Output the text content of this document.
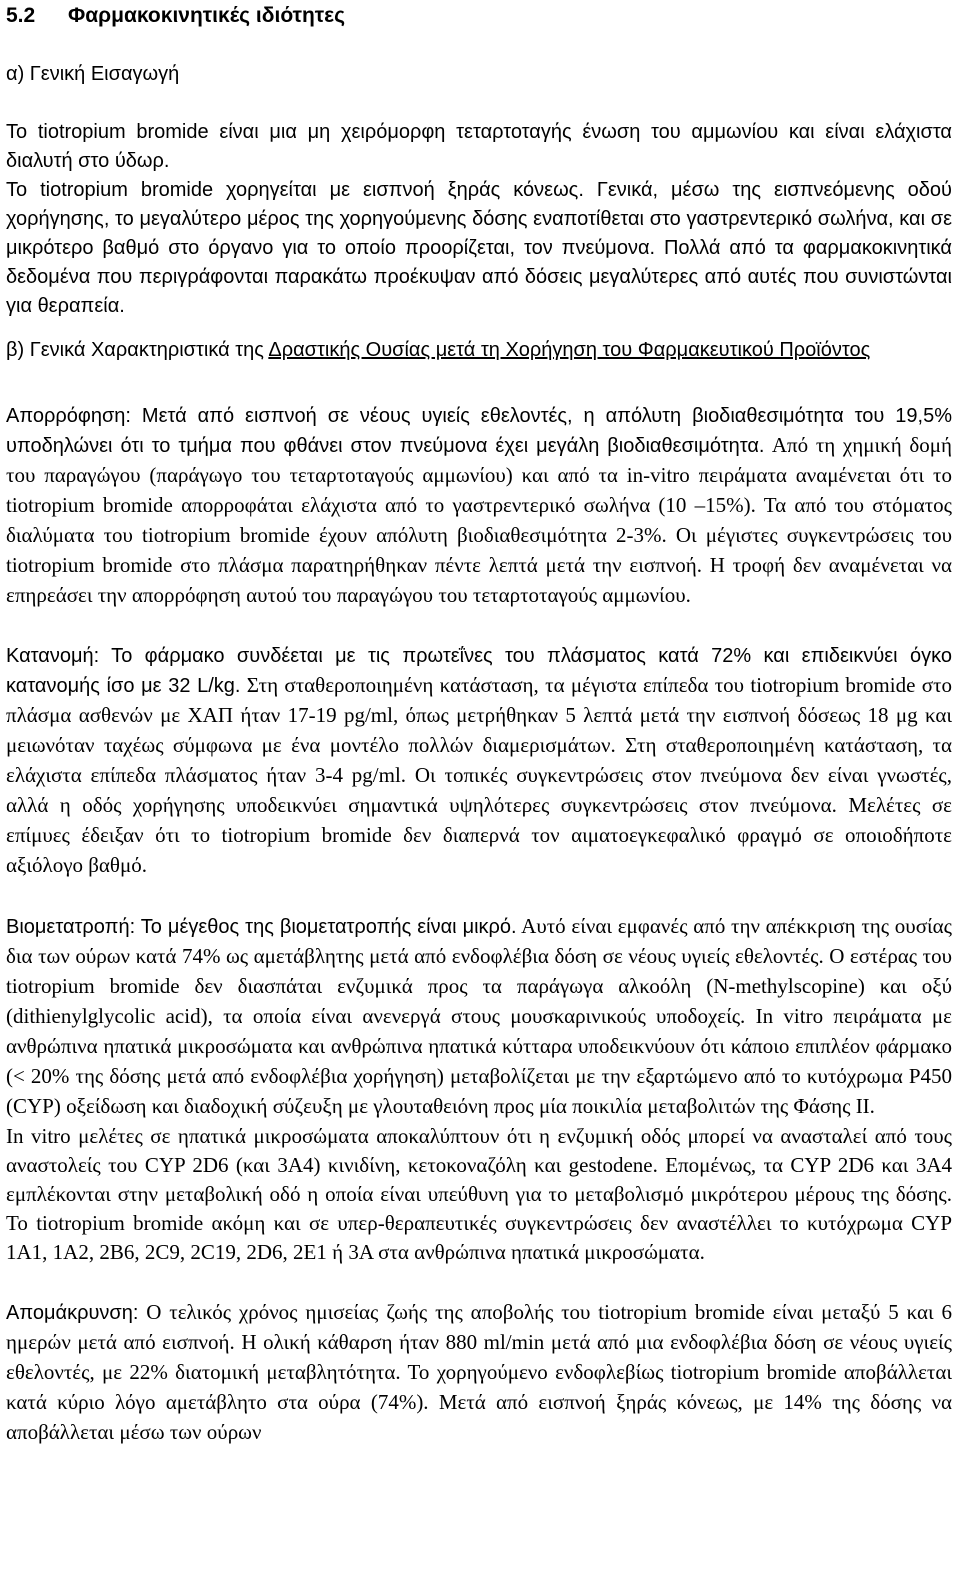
5.2	Φαρμακοκινητικές ιδιότητες
α) Γενική Εισαγωγή

Το tiotropium bromide είναι μια μη χειρόμορφη τεταρτοταγής ένωση του αμμωνίου και είναι ελάχιστα διαλυτή στο ύδωρ.

Το tiotropium bromide χορηγείται με εισπνοή ξηράς κόνεως. Γενικά, μέσω της εισπνεόμενης οδού χορήγησης, το μεγαλύτερο μέρος της χορηγούμενης δόσης εναποτίθεται στο γαστρεντερικό σωλήνα, και σε μικρότερο βαθμό στο όργανο για το οποίο προορίζεται, τον πνεύμονα. Πολλά από τα φαρμακοκινητικά δεδομένα που περιγράφονται παρακάτω προέκυψαν από δόσεις μεγαλύτερες από αυτές που συνιστώνται για θεραπεία.

β) Γενικά Χαρακτηριστικά της Δραστικής Ουσίας μετά τη Χορήγηση του Φαρμακευτικού Προϊόντος

Απορρόφηση: Μετά από εισπνοή σε νέους υγιείς εθελοντές, η απόλυτη βιοδιαθεσιμότητα του 19,5% υποδηλώνει ότι το τμήμα που φθάνει στον πνεύμονα έχει μεγάλη βιοδιαθεσιμότητα. Από τη χημική δομή του παραγώγου (παράγωγο του τεταρτοταγούς αμμωνίου) και από τα in-vitro πειράματα αναμένεται ότι το tiotropium bromide απορροφάται ελάχιστα από το γαστρεντερικό σωλήνα (10 –15%). Τα από του στόματος διαλύματα του tiotropium bromide έχουν απόλυτη βιοδιαθεσιμότητα 2-3%. Οι μέγιστες συγκεντρώσεις του tiotropium bromide στο πλάσμα παρατηρήθηκαν πέντε λεπτά μετά την εισπνοή. Η τροφή δεν αναμένεται να επηρεάσει την απορρόφηση αυτού του παραγώγου του τεταρτοταγούς αμμωνίου.

Κατανομή: Το φάρμακο συνδέεται με τις πρωτεΐνες του πλάσματος κατά 72% και επιδεικνύει όγκο κατανομής ίσο με 32 L/kg. Στη σταθεροποιημένη κατάσταση, τα μέγιστα επίπεδα του tiotropium bromide στο πλάσμα ασθενών με ΧΑΠ ήταν 17-19 pg/ml, όπως μετρήθηκαν 5 λεπτά μετά την εισπνοή δόσεως 18 μg και μειωνόταν ταχέως σύμφωνα με ένα μοντέλο πολλών διαμερισμάτων. Στη σταθεροποιημένη κατάσταση, τα ελάχιστα επίπεδα πλάσματος ήταν 3-4 pg/ml. Οι τοπικές συγκεντρώσεις στον πνεύμονα δεν είναι γνωστές, αλλά η οδός χορήγησης υποδεικνύει σημαντικά υψηλότερες συγκεντρώσεις στον πνεύμονα. Μελέτες σε επίμυες έδειξαν ότι το tiotropium bromide δεν διαπερνά τον αιματοεγκεφαλικό φραγμό σε οποιοδήποτε αξιόλογο βαθμό.

Βιομετατροπή: Το μέγεθος της βιομετατροπής είναι μικρό. Αυτό είναι εμφανές από την απέκκριση της ουσίας δια των ούρων κατά 74% ως αμετάβλητης μετά από ενδοφλέβια δόση σε νέους υγιείς εθελοντές. Ο εστέρας του tiotropium bromide δεν διασπάται ενζυμικά προς τα παράγωγα αλκοόλη (N-methylscopine) και οξύ (dithienylglycolic acid), τα οποία είναι ανενεργά στους μουσκαρινικούς υποδοχείς. In vitro πειράματα με ανθρώπινα ηπατικά μικροσώματα και ανθρώπινα ηπατικά κύτταρα υποδεικνύουν ότι κάποιο επιπλέον φάρμακο (< 20% της δόσης μετά από ενδοφλέβια χορήγηση) μεταβολίζεται με την εξαρτώμενο από το κυτόχρωμα P450 (CYP) οξείδωση και διαδοχική σύζευξη με γλουταθειόνη προς μία ποικιλία μεταβολιτών της Φάσης ΙΙ.

In vitro μελέτες σε ηπατικά μικροσώματα αποκαλύπτουν ότι η ενζυμική οδός μπορεί να ανασταλεί από τους αναστολείς του CYP 2D6 (και 3A4) κινιδίνη, κετοκοναζόλη και gestodene. Επομένως, τα CYP 2D6 και 3A4 εμπλέκονται στην μεταβολική οδό η οποία είναι υπεύθυνη για το μεταβολισμό μικρότερου μέρους της δόσης. Το tiotropium bromide ακόμη και σε υπερ-θεραπευτικές συγκεντρώσεις δεν αναστέλλει το κυτόχρωμα CYP 1A1, 1A2, 2B6, 2C9, 2C19, 2D6, 2E1 ή 3A στα ανθρώπινα ηπατικά μικροσώματα.

Απομάκρυνση: Ο τελικός χρόνος ημισείας ζωής της αποβολής του tiotropium bromide είναι μεταξύ 5 και 6 ημερών μετά από εισπνοή. Η ολική κάθαρση ήταν 880 ml/min μετά από μια ενδοφλέβια δόση σε νέους υγιείς εθελοντές, με 22% διατομική μεταβλητότητα. Το χορηγούμενο ενδοφλεβίως tiotropium bromide αποβάλλεται κατά κύριο λόγο αμετάβλητο στα ούρα (74%). Μετά από εισπνοή ξηράς κόνεως, με 14% της δόσης να αποβάλλεται μέσω των ούρων
